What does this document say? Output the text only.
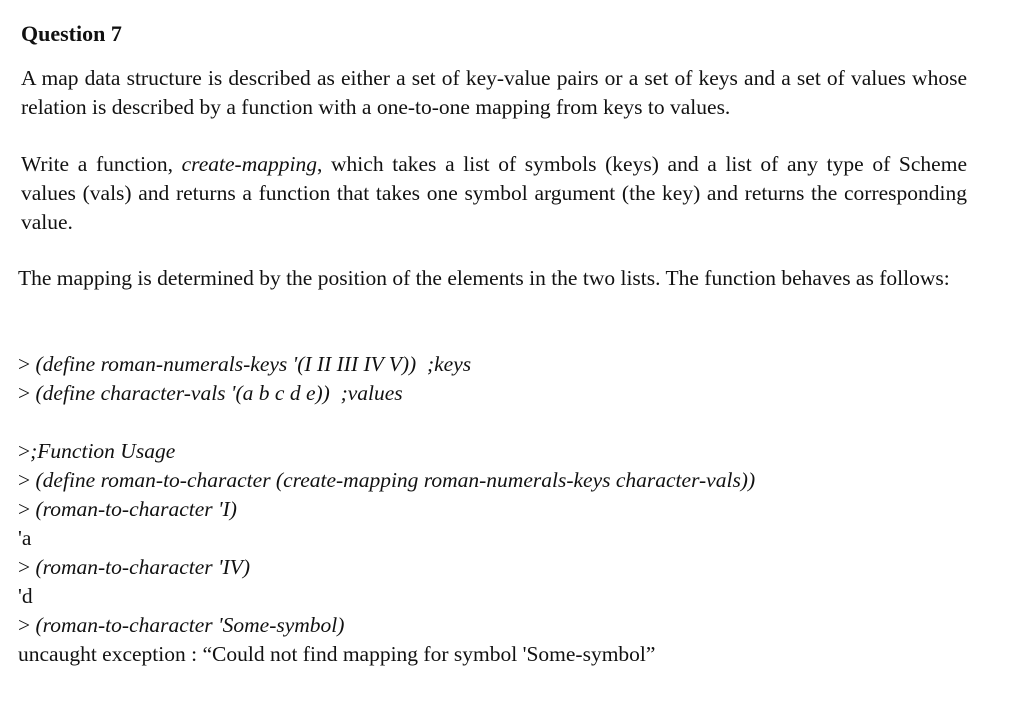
Question 7

A map data structure is described as either a set of key-value pairs or a set of keys and a set of values whose relation is described by a function with a one-to-one mapping from keys to values.

Write a function, create-mapping, which takes a list of symbols (keys) and a list of any type of Scheme values (vals) and returns a function that takes one symbol argument (the key) and returns the corresponding value.

The mapping is determined by the position of the elements in the two lists. The function behaves as follows:

> (define roman-numerals-keys '(I II III IV V))  ;keys
> (define character-vals '(a b c d e))  ;values
>;Function Usage
> (define roman-to-character (create-mapping roman-numerals-keys character-vals))
> (roman-to-character 'I)
'a
> (roman-to-character 'IV)
'd
> (roman-to-character 'Some-symbol)
uncaught exception : “Could not find mapping for symbol 'Some-symbol”
